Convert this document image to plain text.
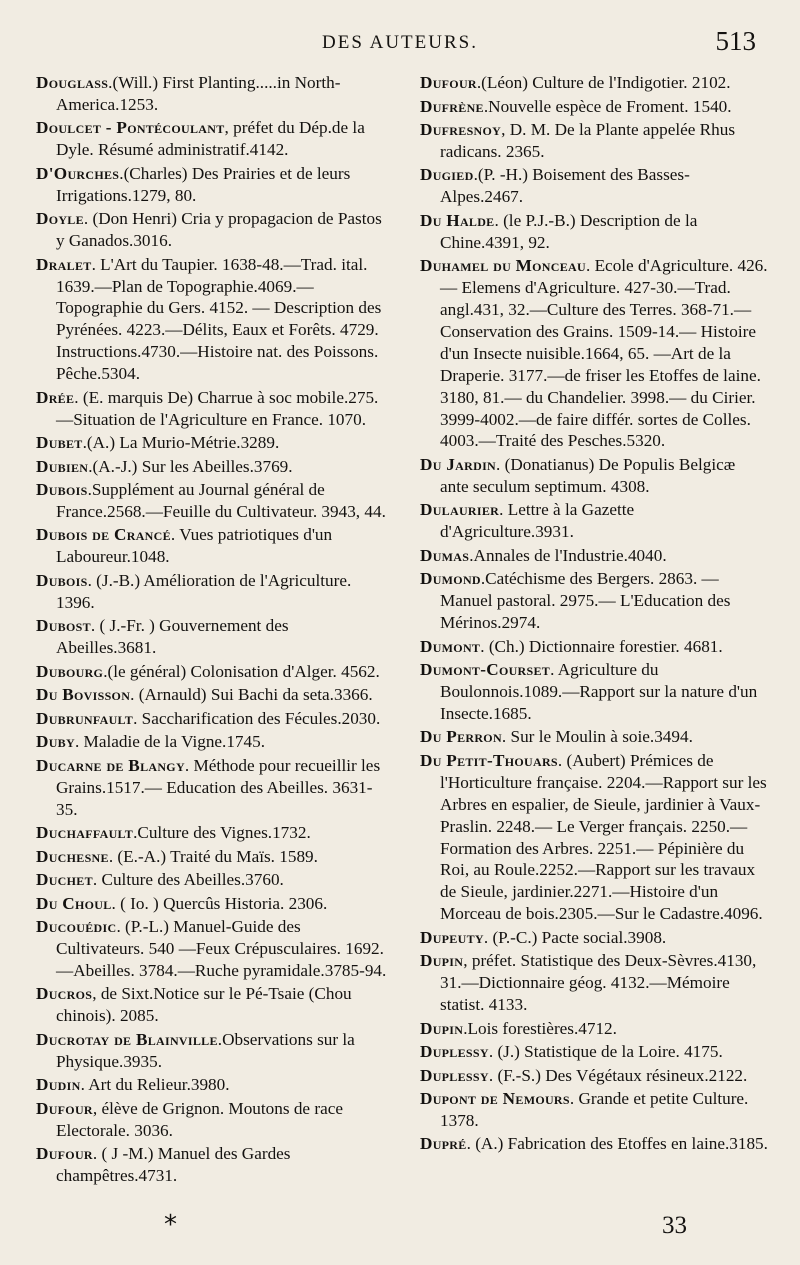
DES AUTEURS.	513

Douglass.(Will.) First Planting.....in North-America.1253.

Doulcet - Pontécoulant, préfet du Dép.de la Dyle. Résumé administratif.4142.

D'Ourches.(Charles) Des Prairies et de leurs Irrigations.1279, 80.

Doyle. (Don Henri) Cria y propagacion de Pastos y Ganados.3016.

Dralet. L'Art du Taupier. 1638-48.—Trad. ital. 1639.—Plan de Topographie.4069.— Topographie du Gers. 4152. — Description des Pyrénées. 4223.—Délits, Eaux et Forêts. 4729. Instructions.4730.—Histoire nat. des Poissons. Pêche.5304.

Drée. (E. marquis De) Charrue à soc mobile.275.—Situation de l'Agriculture en France. 1070.

Dubet.(A.) La Murio-Métrie.3289.

Dubien.(A.-J.) Sur les Abeilles.3769.

Dubois.Supplément au Journal général de France.2568.—Feuille du Cultivateur. 3943, 44.

Dubois de Crancé. Vues patriotiques d'un Laboureur.1048.

Dubois. (J.-B.) Amélioration de l'Agriculture. 1396.

Dubost. ( J.-Fr. ) Gouvernement des Abeilles.3681.

Dubourg.(le général) Colonisation d'Alger. 4562.

Du Bovisson. (Arnauld) Sui Bachi da seta.3366.

Dubrunfault. Saccharification des Fécules.2030.

Duby. Maladie de la Vigne.1745.

Ducarne de Blangy. Méthode pour recueillir les Grains.1517.— Education des Abeilles. 3631-35.

Duchaffault.Culture des Vignes.1732.

Duchesne. (E.-A.) Traité du Maïs. 1589.

Duchet. Culture des Abeilles.3760.

Du Choul. ( Io. ) Quercûs Historia. 2306.

Ducouédic. (P.-L.) Manuel-Guide des Cultivateurs. 540 —Feux Crépusculaires. 1692.—Abeilles. 3784.—Ruche pyramidale.3785-94.

Ducros, de Sixt.Notice sur le Pé-Tsaie (Chou chinois). 2085.

Ducrotay de Blainville.Observations sur la Physique.3935.

Dudin. Art du Relieur.3980.

Dufour, élève de Grignon. Moutons de race Electorale. 3036.

Dufour. ( J -M.) Manuel des Gardes champêtres.4731.

Dufour.(Léon) Culture de l'Indigotier. 2102.

Dufrène.Nouvelle espèce de Froment. 1540.

Dufresnoy, D. M. De la Plante appelée Rhus radicans. 2365.

Dugied.(P. -H.) Boisement des Basses-Alpes.2467.

Du Halde. (le P.J.-B.) Description de la Chine.4391, 92.

Duhamel du Monceau. Ecole d'Agriculture. 426. — Elemens d'Agriculture. 427-30.—Trad. angl.431, 32.—Culture des Terres. 368-71.— Conservation des Grains. 1509-14.— Histoire d'un Insecte nuisible.1664, 65. —Art de la Draperie. 3177.—de friser les Etoffes de laine. 3180, 81.— du Chandelier. 3998.— du Cirier. 3999-4002.—de faire différ. sortes de Colles. 4003.—Traité des Pesches.5320.

Du Jardin. (Donatianus) De Populis Belgicæ ante seculum septimum. 4308.

Dulaurier. Lettre à la Gazette d'Agriculture.3931.

Dumas.Annales de l'Industrie.4040.

Dumond.Catéchisme des Bergers. 2863. —Manuel pastoral. 2975.— L'Education des Mérinos.2974.

Dumont. (Ch.) Dictionnaire forestier. 4681.

Dumont-Courset. Agriculture du Boulonnois.1089.—Rapport sur la nature d'un Insecte.1685.

Du Perron. Sur le Moulin à soie.3494.

Du Petit-Thouars. (Aubert) Prémices de l'Horticulture française. 2204.—Rapport sur les Arbres en espalier, de Sieule, jardinier à Vaux-Praslin. 2248.— Le Verger français. 2250.— Formation des Arbres. 2251.— Pépinière du Roi, au Roule.2252.—Rapport sur les travaux de Sieule, jardinier.2271.—Histoire d'un Morceau de bois.2305.—Sur le Cadastre.4096.

Dupeuty. (P.-C.) Pacte social.3908.

Dupin, préfet. Statistique des Deux-Sèvres.4130, 31.—Dictionnaire géog. 4132.—Mémoire statist. 4133.

Dupin.Lois forestières.4712.

Duplessy. (J.) Statistique de la Loire. 4175.

Duplessy. (F.-S.) Des Végétaux résineux.2122.

Dupont de Nemours. Grande et petite Culture. 1378.

Dupré. (A.) Fabrication des Etoffes en laine.3185.

*	33
